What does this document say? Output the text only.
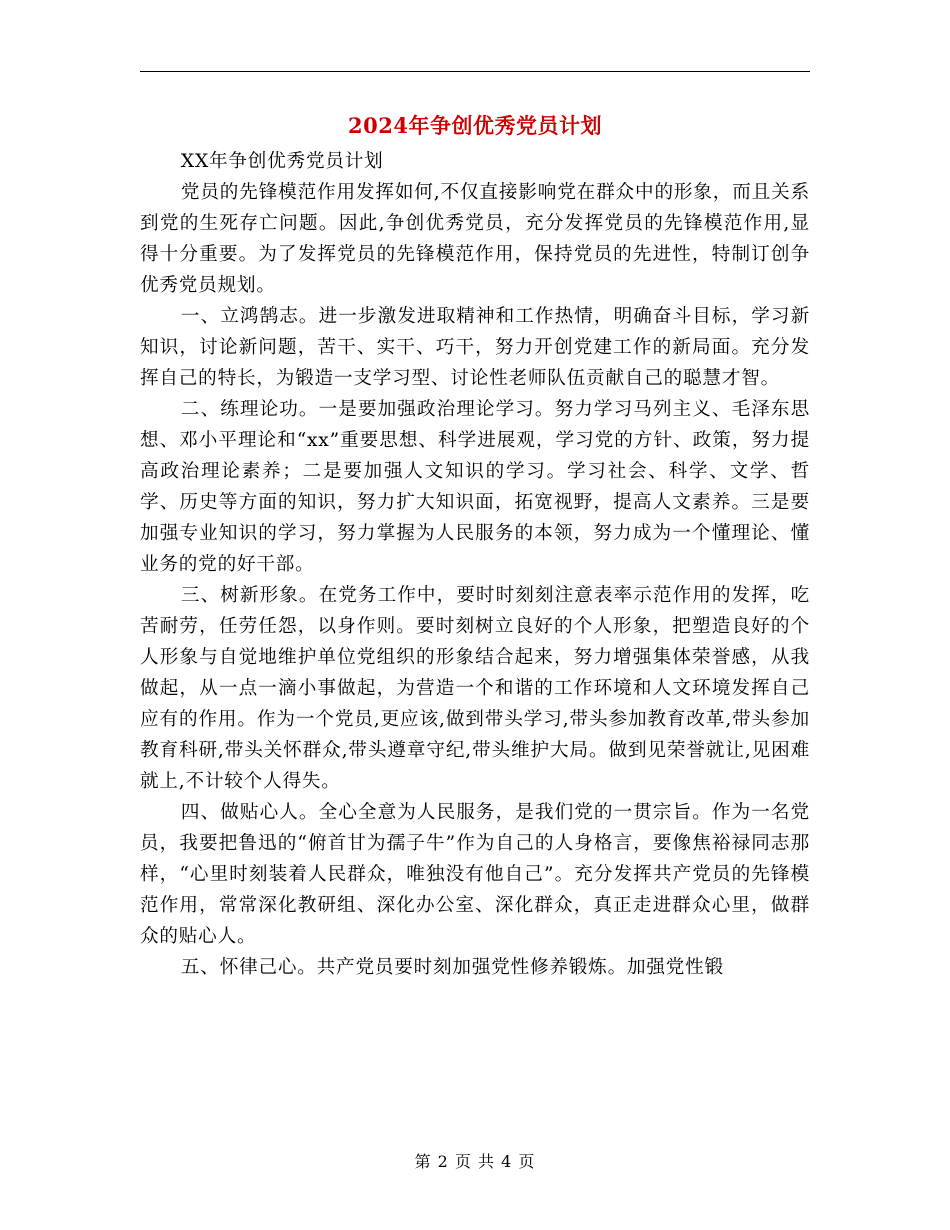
2024年争创优秀党员计划

XX年争创优秀党员计划

党员的先锋模范作用发挥如何,不仅直接影响党在群众中的形象，而且关系到党的生死存亡问题。因此,争创优秀党员，充分发挥党员的先锋模范作用,显得十分重要。为了发挥党员的先锋模范作用，保持党员的先进性，特制订创争优秀党员规划。

一、立鸿鹄志。进一步激发进取精神和工作热情，明确奋斗目标，学习新知识，讨论新问题，苦干、实干、巧干，努力开创党建工作的新局面。充分发挥自己的特长，为锻造一支学习型、讨论性老师队伍贡献自己的聪慧才智。

二、练理论功。一是要加强政治理论学习。努力学习马列主义、毛泽东思想、邓小平理论和“xx”重要思想、科学进展观，学习党的方针、政策，努力提高政治理论素养；二是要加强人文知识的学习。学习社会、科学、文学、哲学、历史等方面的知识，努力扩大知识面，拓宽视野，提高人文素养。三是要加强专业知识的学习，努力掌握为人民服务的本领，努力成为一个懂理论、懂业务的党的好干部。

三、树新形象。在党务工作中，要时时刻刻注意表率示范作用的发挥，吃苦耐劳，任劳任怨，以身作则。要时刻树立良好的个人形象，把塑造良好的个人形象与自觉地维护单位党组织的形象结合起来，努力增强集体荣誉感，从我做起，从一点一滴小事做起，为营造一个和谐的工作环境和人文环境发挥自己应有的作用。作为一个党员,更应该,做到带头学习,带头参加教育改革,带头参加教育科研,带头关怀群众,带头遵章守纪,带头维护大局。做到见荣誉就让,见困难就上,不计较个人得失。

四、做贴心人。全心全意为人民服务，是我们党的一贯宗旨。作为一名党员，我要把鲁迅的“俯首甘为孺子牛”作为自己的人身格言，要像焦裕禄同志那样，“心里时刻装着人民群众，唯独没有他自己”。充分发挥共产党员的先锋模范作用，常常深化教研组、深化办公室、深化群众，真正走进群众心里，做群众的贴心人。

五、怀律己心。共产党员要时刻加强党性修养锻炼。加强党性锻

第 2 页 共 4 页
